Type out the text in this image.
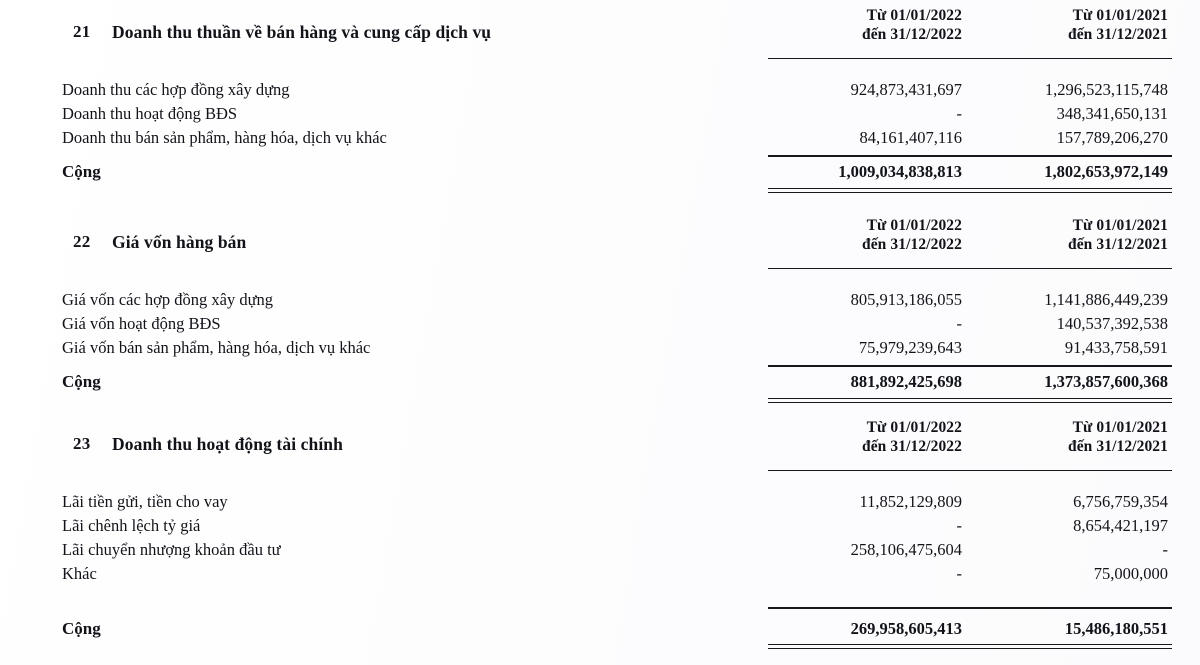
21 Doanh thu thuần về bán hàng và cung cấp dịch vụ
Từ 01/01/2022
đến 31/12/2022
Từ 01/01/2021
đến 31/12/2021
Doanh thu các hợp đồng xây dựng	924,873,431,697	1,296,523,115,748
Doanh thu hoạt động BĐS	-	348,341,650,131
Doanh thu bán sản phẩm, hàng hóa, dịch vụ khác	84,161,407,116	157,789,206,270
Cộng	1,009,034,838,813	1,802,653,972,149
22 Giá vốn hàng bán
Từ 01/01/2022
đến 31/12/2022
Từ 01/01/2021
đến 31/12/2021
Giá vốn các hợp đồng xây dựng	805,913,186,055	1,141,886,449,239
Giá vốn hoạt động BĐS	-	140,537,392,538
Giá vốn bán sản phẩm, hàng hóa, dịch vụ khác	75,979,239,643	91,433,758,591
Cộng	881,892,425,698	1,373,857,600,368
23 Doanh thu hoạt động tài chính
Từ 01/01/2022
đến 31/12/2022
Từ 01/01/2021
đến 31/12/2021
Lãi tiền gửi, tiền cho vay	11,852,129,809	6,756,759,354
Lãi chênh lệch tỷ giá	-	8,654,421,197
Lãi chuyển nhượng khoản đầu tư	258,106,475,604	-
Khác	-	75,000,000
Cộng	269,958,605,413	15,486,180,551
